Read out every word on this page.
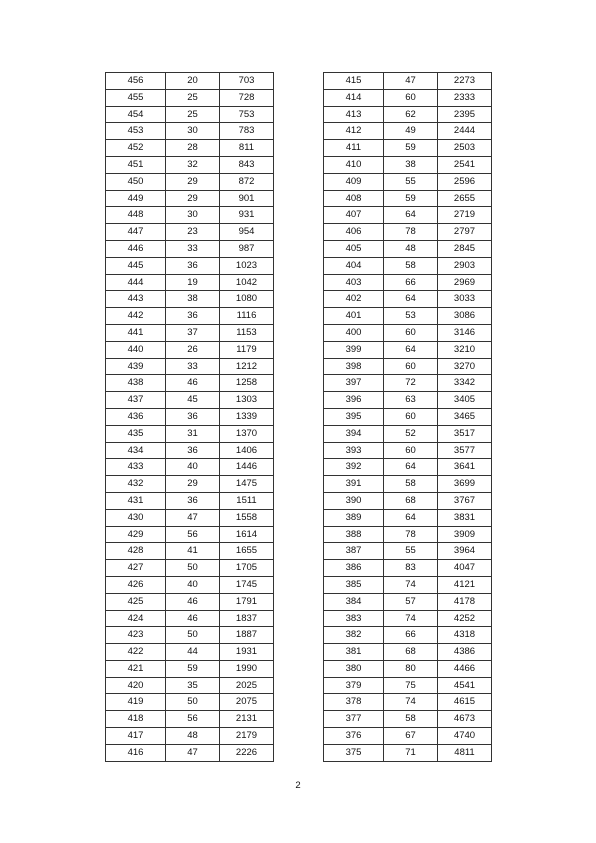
456	20	703
455	25	728
454	25	753
453	30	783
452	28	811
451	32	843
450	29	872
449	29	901
448	30	931
447	23	954
446	33	987
445	36	1023
444	19	1042
443	38	1080
442	36	1116
441	37	1153
440	26	1179
439	33	1212
438	46	1258
437	45	1303
436	36	1339
435	31	1370
434	36	1406
433	40	1446
432	29	1475
431	36	1511
430	47	1558
429	56	1614
428	41	1655
427	50	1705
426	40	1745
425	46	1791
424	46	1837
423	50	1887
422	44	1931
421	59	1990
420	35	2025
419	50	2075
418	56	2131
417	48	2179
416	47	2226
415	47	2273
414	60	2333
413	62	2395
412	49	2444
411	59	2503
410	38	2541
409	55	2596
408	59	2655
407	64	2719
406	78	2797
405	48	2845
404	58	2903
403	66	2969
402	64	3033
401	53	3086
400	60	3146
399	64	3210
398	60	3270
397	72	3342
396	63	3405
395	60	3465
394	52	3517
393	60	3577
392	64	3641
391	58	3699
390	68	3767
389	64	3831
388	78	3909
387	55	3964
386	83	4047
385	74	4121
384	57	4178
383	74	4252
382	66	4318
381	68	4386
380	80	4466
379	75	4541
378	74	4615
377	58	4673
376	67	4740
375	71	4811
2
